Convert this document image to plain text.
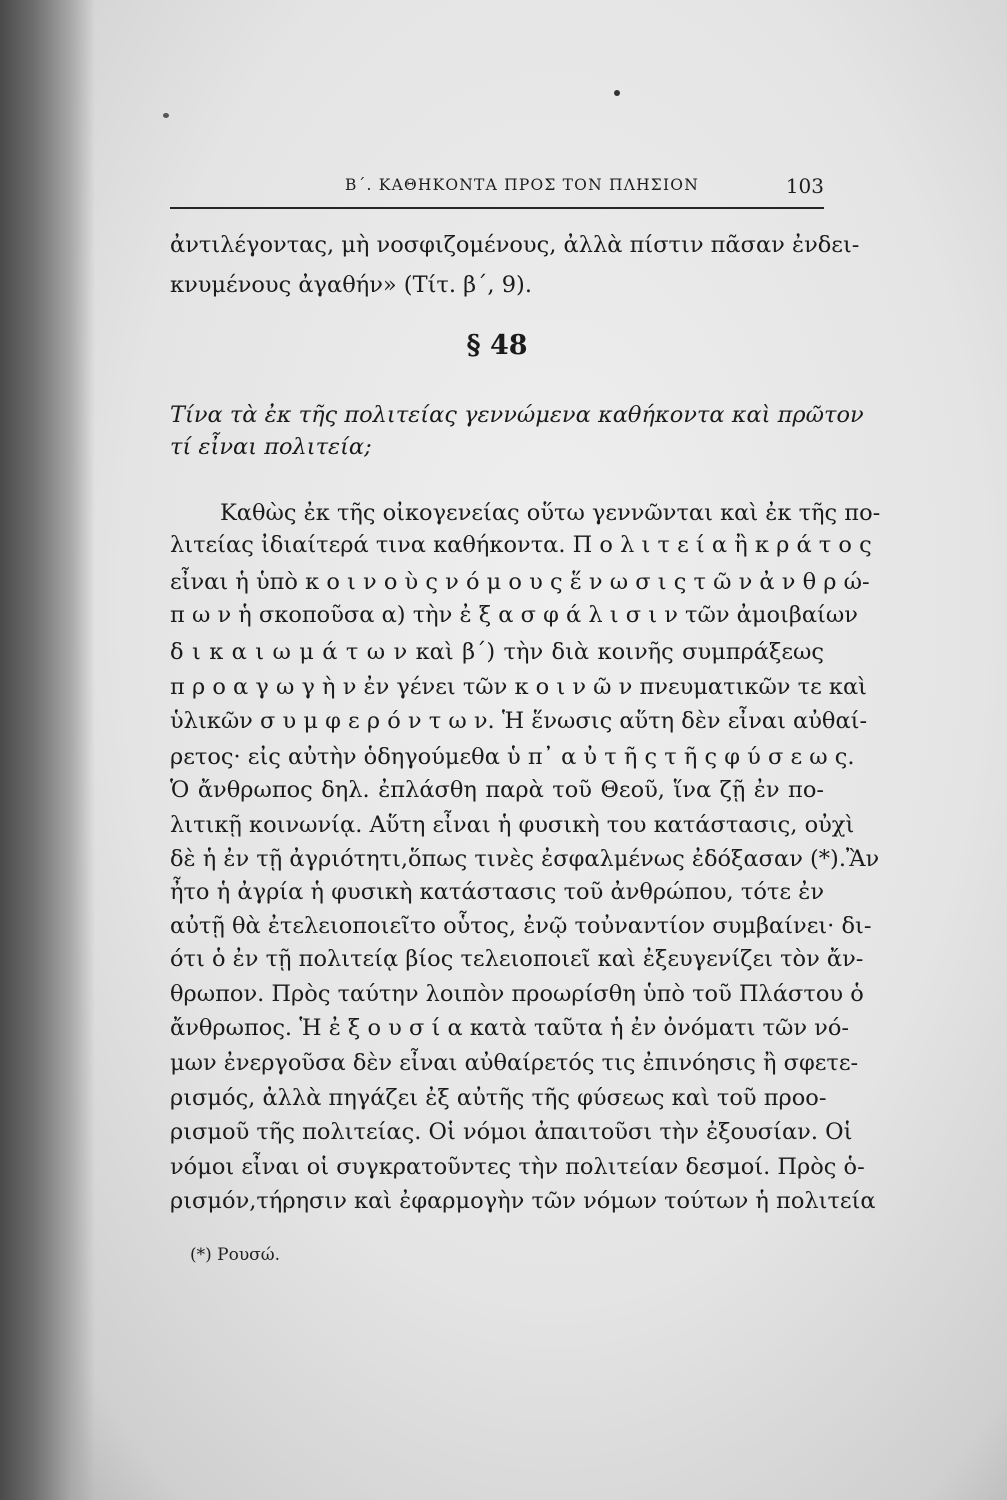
Β΄. ΚΑΘΗΚΟΝΤΑ ΠΡΟΣ ΤΟΝ ΠΛΗΣΙΟΝ	103
ἀντιλέγοντας, μὴ νοσφιζομένους, ἀλλὰ πίστιν πᾶσαν ἐνδει-
κνυμένους ἀγαθήν» (Τίτ. β΄, 9).
§ 48
Τίνα τὰ ἐκ τῆς πολιτείας γεννώμενα καθήκοντα καὶ πρῶτον
τί εἶναι πολιτεία;
Καθὼς ἐκ τῆς οἰκογενείας οὕτω γεννῶνται καὶ ἐκ τῆς πο-
λιτείας ἰδιαίτερά τινα καθήκοντα. Π ο λ ι τ ε ί α ἢ κ ρ ά τ ο ς
εἶναι ἡ ὑπὸ κ ο ι ν ο ὺ ς ν ό μ ο υ ς ἕ ν ω σ ι ς τ ῶ ν ἀ ν θ ρ ώ-
π ω ν ἡ σκοποῦσα α) τὴν ἐ ξ α σ φ ά λ ι σ ι ν τῶν ἀμοιβαίων
δ ι κ α ι ω μ ά τ ω ν καὶ β΄) τὴν διὰ κοινῆς συμπράξεως
π ρ ο α γ ω γ ὴ ν ἐν γένει τῶν κ ο ι ν ῶ ν πνευματικῶν τε καὶ
ὑλικῶν σ υ μ φ ε ρ ό ν τ ω ν. Ἡ ἕνωσις αὕτη δὲν εἶναι αὐθαί-
ρετος· εἰς αὐτὴν ὁδηγούμεθα ὑ π᾽ α ὐ τ ῆ ς τ ῆ ς φ ύ σ ε ω ς.
Ὁ ἄνθρωπος δηλ. ἐπλάσθη παρὰ τοῦ Θεοῦ, ἵνα ζῇ ἐν πο-
λιτικῇ κοινωνίᾳ. Αὕτη εἶναι ἡ φυσικὴ του κατάστασις, οὐχὶ
δὲ ἡ ἐν τῇ ἀγριότητι,ὅπως τινὲς ἐσφαλμένως ἐδόξασαν (*).Ἂν
ἦτο ἡ ἀγρία ἡ φυσικὴ κατάστασις τοῦ ἀνθρώπου, τότε ἐν
αὐτῇ θὰ ἐτελειοποιεῖτο οὗτος, ἐνῷ τοὐναντίον συμβαίνει· δι-
ότι ὁ ἐν τῇ πολιτείᾳ βίος τελειοποιεῖ καὶ ἐξευγενίζει τὸν ἄν-
θρωπον. Πρὸς ταύτην λοιπὸν προωρίσθη ὑπὸ τοῦ Πλάστου ὁ
ἄνθρωπος. Ἡ ἐ ξ ο υ σ ί α κατὰ ταῦτα ἡ ἐν ὀνόματι τῶν νό-
μων ἐνεργοῦσα δὲν εἶναι αὐθαίρετός τις ἐπινόησις ἢ σφετε-
ρισμός, ἀλλὰ πηγάζει ἐξ αὐτῆς τῆς φύσεως καὶ τοῦ προο-
ρισμοῦ τῆς πολιτείας. Οἱ νόμοι ἀπαιτοῦσι τὴν ἐξουσίαν. Οἱ
νόμοι εἶναι οἱ συγκρατοῦντες τὴν πολιτείαν δεσμοί. Πρὸς ὁ-
ρισμόν,τήρησιν καὶ ἐφαρμογὴν τῶν νόμων τούτων ἡ πολιτεία
(*) Ρουσώ.
